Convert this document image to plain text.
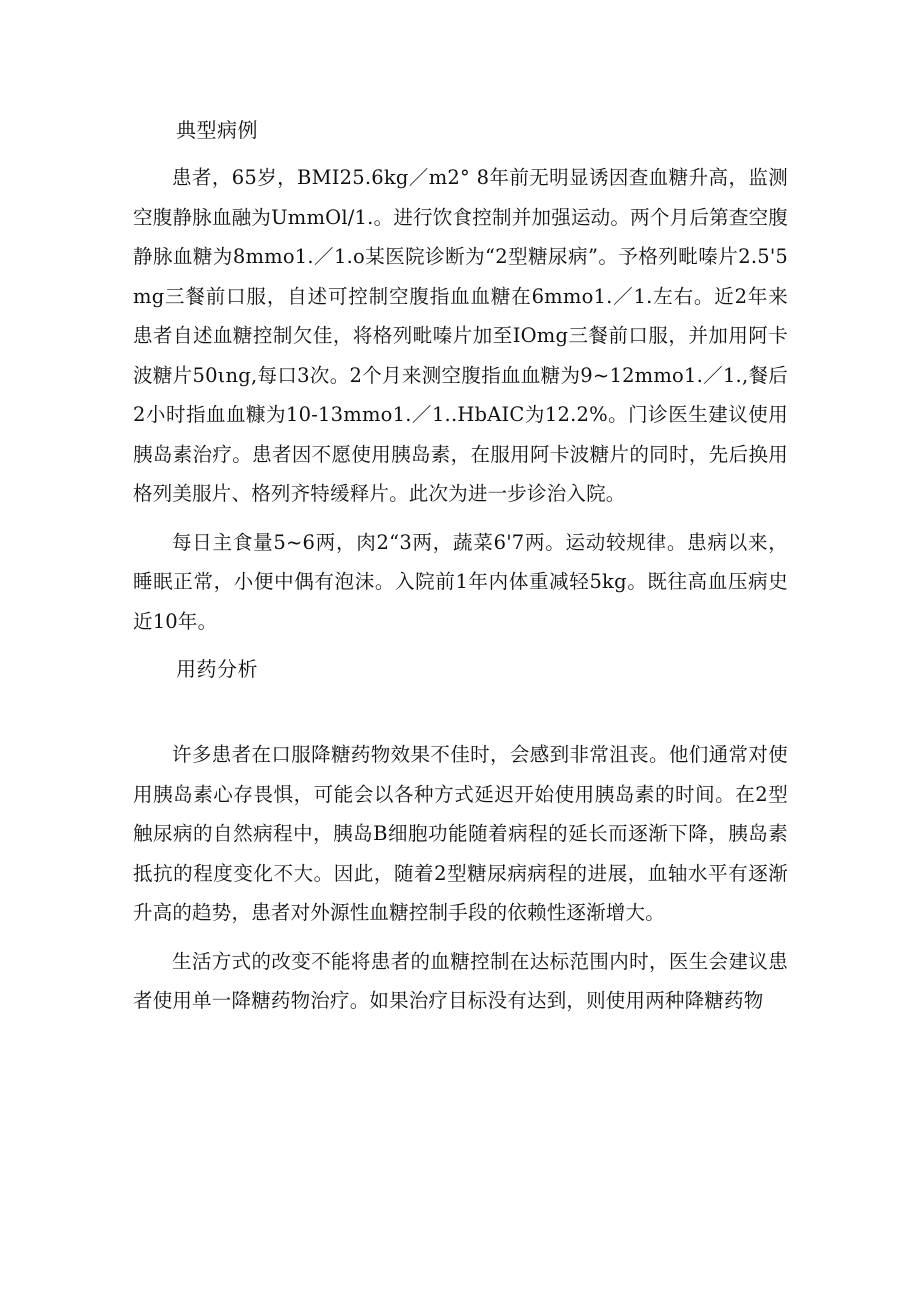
典型病例

患者，65岁，BMI25.6kg／m2° 8年前无明显诱因查血糖升高，监测空腹静脉血融为UmmOl/1.。进行饮食控制并加强运动。两个月后第查空腹静脉血糖为8mmo1.／1.o某医院诊断为“2型糖尿病”。予格列毗嗪片2.5'5mg三餐前口服，自述可控制空腹指血血糖在6mmo1.／1.左右。近2年来患者自述血糖控制欠佳，将格列毗嗪片加至IOmg三餐前口服，并加用阿卡波糖片50ιng,每口3次。2个月来测空腹指血血糖为9~12mmo1.／1.,餐后2小时指血血糠为10-13mmo1.／1..HbAIC为12.2%。门诊医生建议使用胰岛素治疗。患者因不愿使用胰岛素，在服用阿卡波糖片的同时，先后换用格列美服片、格列齐特缓释片。此次为进一步诊治入院。

每日主食量5~6两，肉2“3两，蔬菜6'7两。运动较规律。患病以来，睡眠正常，小便中偶有泡沫。入院前1年内体重减轻5kg。既往高血压病史近10年。

用药分析

许多患者在口服降糖药物效果不佳时，会感到非常沮丧。他们通常对使用胰岛素心存畏惧，可能会以各种方式延迟开始使用胰岛素的时间。在2型触尿病的自然病程中，胰岛B细胞功能随着病程的延长而逐渐下降，胰岛素抵抗的程度变化不大。因此，随着2型糖尿病病程的进展，血轴水平有逐渐升高的趋势，患者对外源性血糖控制手段的依赖性逐渐增大。

生活方式的改变不能将患者的血糖控制在达标范围内时，医生会建议患者使用单一降糖药物治疗。如果治疗目标没有达到，则使用两种降糖药物
